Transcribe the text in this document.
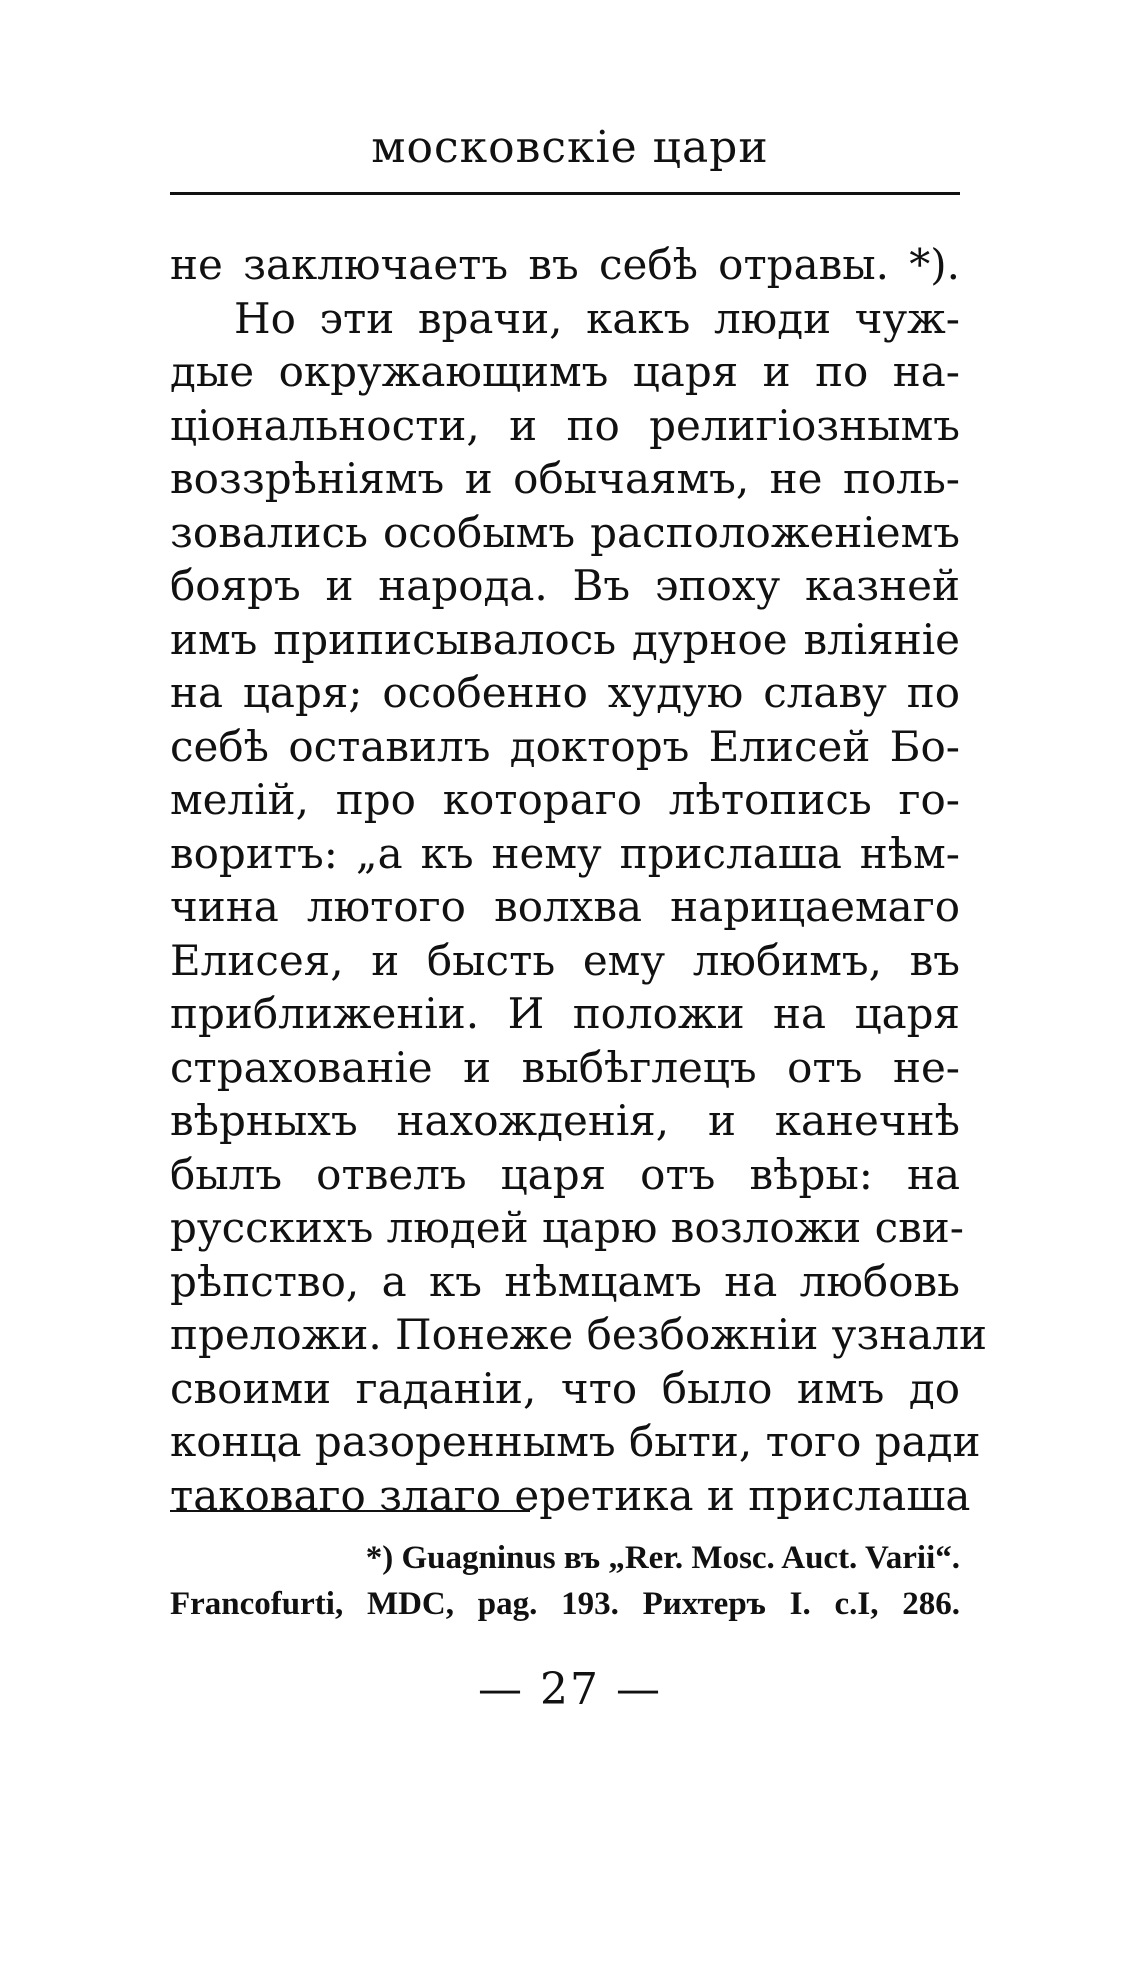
московскіе цари
не заключаетъ въ себѣ отравы. *).
Но эти врачи, какъ люди чуж-
дые окружающимъ царя и по на-
ціональности, и по религіознымъ
воззрѣніямъ и обычаямъ, не поль-
зовались особымъ расположеніемъ
бояръ и народа. Въ эпоху казней
имъ приписывалось дурное вліяніе
на царя; особенно худую славу по
себѣ оставилъ докторъ Елисей Бо-
мелій, про котораго лѣтопись го-
воритъ: „а къ нему прислаша нѣм-
чина лютого волхва нарицаемаго
Елисея, и бысть ему любимъ, въ
приближеніи. И положи на царя
страхованіе и выбѣглецъ отъ не-
вѣрныхъ нахожденія, и канечнѣ
былъ отвелъ царя отъ вѣры: на
русскихъ людей царю возложи сви-
рѣпство, а къ нѣмцамъ на любовь
преложи. Понеже безбожніи узнали
своими гаданіи, что было имъ до
конца разореннымъ быти, того ради
таковаго злаго еретика и прислаша
*) Guagninus въ „Rer. Mosc. Auct. Varii“.
Francofurti, MDC, pag. 193. Рихтеръ I. с.I, 286.
— 27 —
